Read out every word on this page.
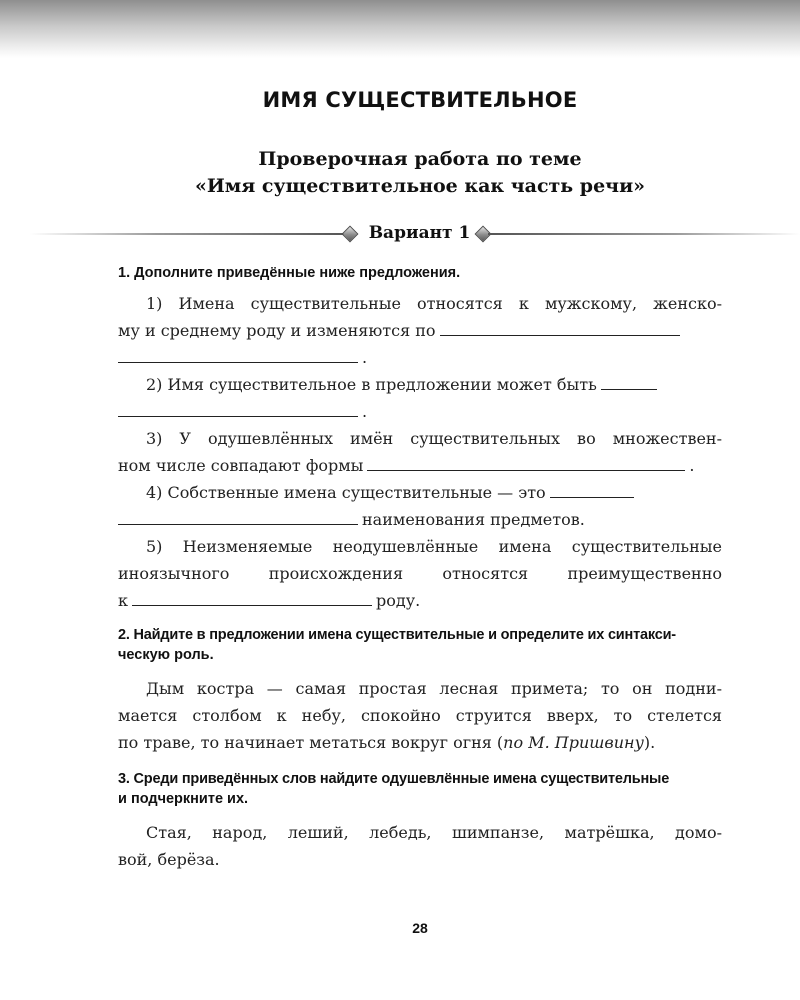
ИМЯ СУЩЕСТВИТЕЛЬНОЕ
Проверочная работа по теме
«Имя существительное как часть речи»
Вариант 1
1. Дополните приведённые ниже предложения.
1) Имена существительные относятся к мужскому, женско-
му и среднему роду и изменяются по
.
2) Имя существительное в предложении может быть
.
3) У одушевлённых имён существительных во множествен-
ном числе совпадают формы	.
4) Собственные имена существительные — это
наименования предметов.
5) Неизменяемые неодушевлённые имена существительные
иноязычного происхождения относятся преимущественно
к	роду.
2. Найдите в предложении имена существительные и определите их синтакси-
ческую роль.
Дым костра — самая простая лесная примета; то он подни-
мается столбом к небу, спокойно струится вверх, то стелется
по траве, то начинает метаться вокруг огня (по М. Пришвину).
3. Среди приведённых слов найдите одушевлённые имена существительные
и подчеркните их.
Стая, народ, леший, лебедь, шимпанзе, матрёшка, домо-
вой, берёза.
28
